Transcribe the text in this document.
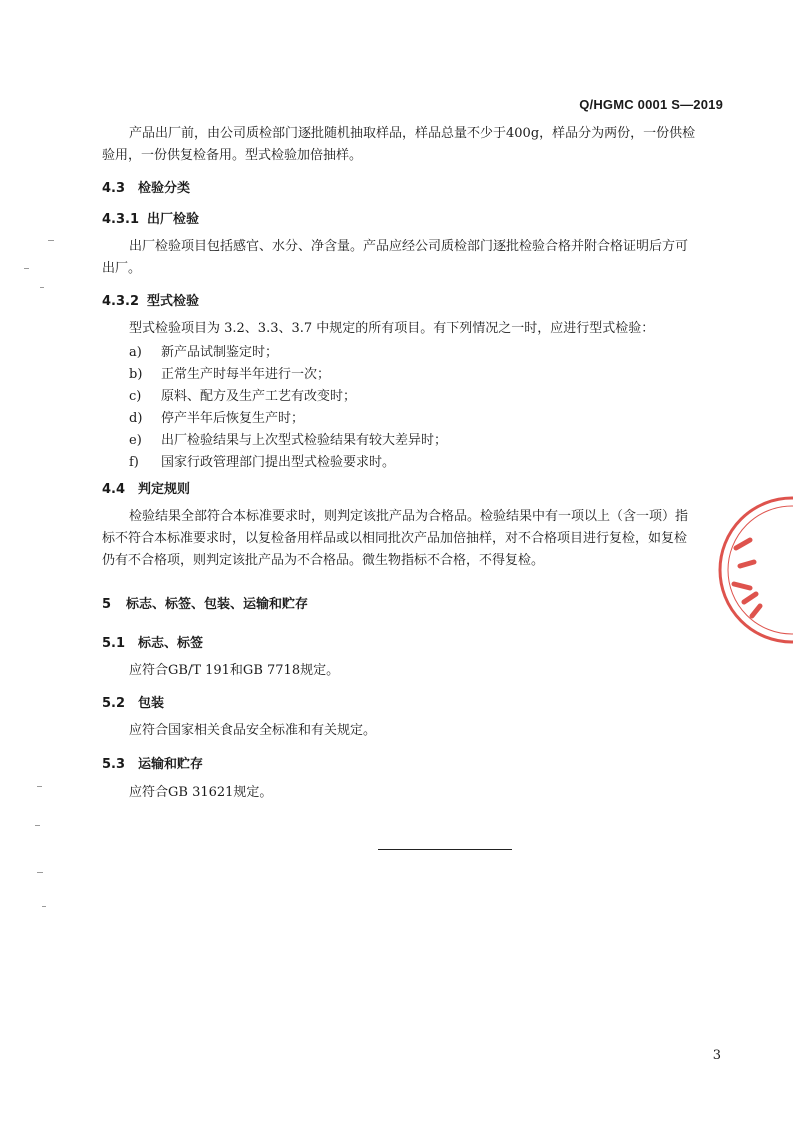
Q/HGMC 0001 S—2019
产品出厂前，由公司质检部门逐批随机抽取样品，样品总量不少于400g，样品分为两份，一份供检
验用，一份供复检备用。型式检验加倍抽样。
4.3 检验分类
4.3.1 出厂检验
出厂检验项目包括感官、水分、净含量。产品应经公司质检部门逐批检验合格并附合格证明后方可
出厂。
4.3.2 型式检验
型式检验项目为 3.2、3.3、3.7 中规定的所有项目。有下列情况之一时，应进行型式检验：
a) 新产品试制鉴定时；
b) 正常生产时每半年进行一次；
c) 原料、配方及生产工艺有改变时；
d) 停产半年后恢复生产时；
e) 出厂检验结果与上次型式检验结果有较大差异时；
f) 国家行政管理部门提出型式检验要求时。
4.4 判定规则
检验结果全部符合本标准要求时，则判定该批产品为合格品。检验结果中有一项以上（含一项）指
标不符合本标准要求时，以复检备用样品或以相同批次产品加倍抽样，对不合格项目进行复检，如复检
仍有不合格项，则判定该批产品为不合格品。微生物指标不合格，不得复检。
5 标志、标签、包装、运输和贮存
5.1 标志、标签
应符合GB/T 191和GB 7718规定。
5.2 包装
应符合国家相关食品安全标准和有关规定。
5.3 运输和贮存
应符合GB 31621规定。
3
